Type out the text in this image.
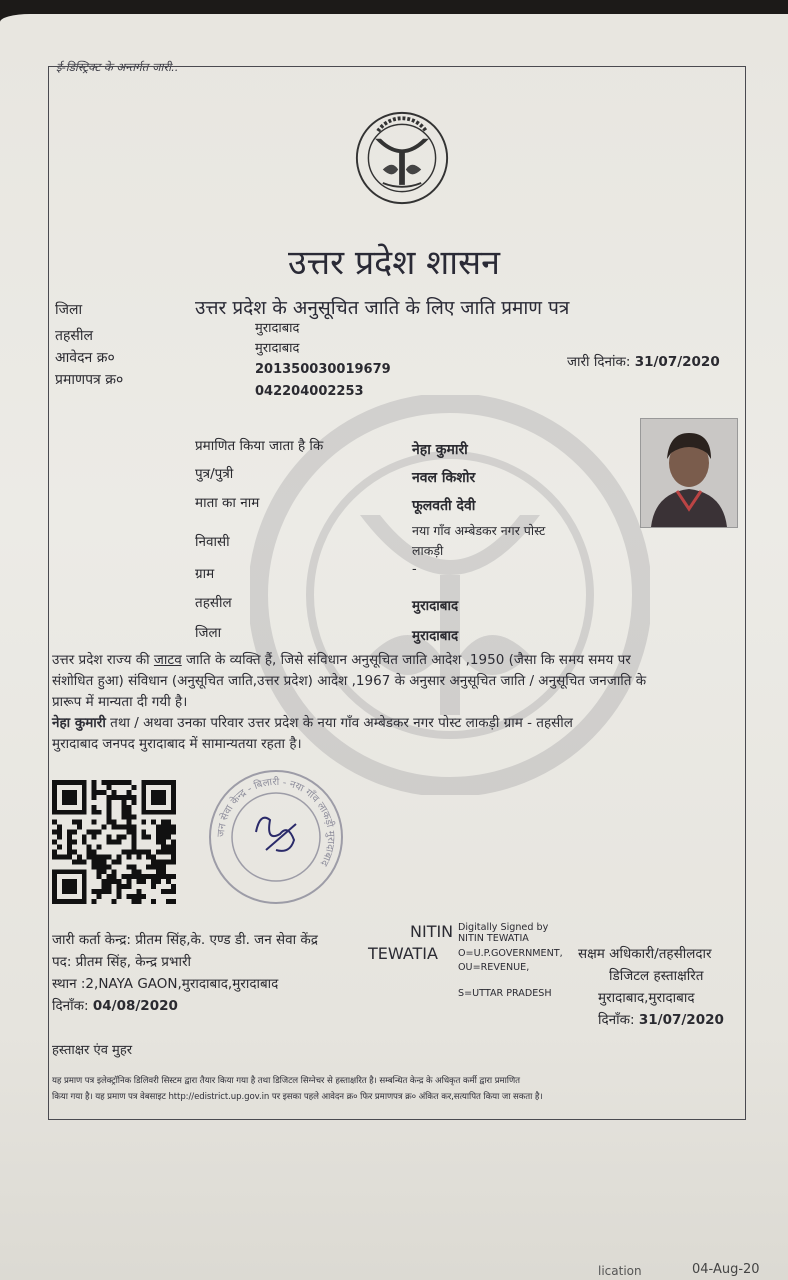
ई-डिस्ट्रिक्ट के अन्तर्गत जारी..
उत्तर प्रदेश शासन
उत्तर प्रदेश के अनुसूचित जाति के लिए जाति प्रमाण पत्र
जिला
मुरादाबाद
तहसील
मुरादाबाद
आवेदन क्र०
201350030019679
प्रमाणपत्र क्र०
042204002253
जारी दिनांक: 31/07/2020
प्रमाणित किया जाता है कि	नेहा कुमारी
पुत्र/पुत्री	नवल किशोर
माता का नाम	फूलवती देवी
निवासी
नया गाँव अम्बेडकर नगर पोस्ट
लाकड़ी
ग्राम	-
तहसील	मुरादाबाद
जिला	मुरादाबाद
उत्तर प्रदेश राज्य की जाटव जाति के व्यक्ति हैं, जिसे संविधान अनुसूचित जाति आदेश ,1950 (जैसा कि समय समय पर
संशोधित हुआ) संविधान (अनुसूचित जाति,उत्तर प्रदेश) आदेश ,1967 के अनुसार अनुसूचित जाति / अनुसूचित जनजाति के
प्रारूप में मान्यता दी गयी है।
नेहा कुमारी तथा / अथवा उनका परिवार उत्तर प्रदेश के नया गाँव अम्बेडकर नगर पोस्ट लाकड़ी ग्राम - तहसील
मुरादाबाद जनपद मुरादाबाद में सामान्यतया रहता है।
जन सेवा केन्द्र - बिलारी - नया गाँव लाकड़ी मुरादाबाद
जारी कर्ता केन्द्र: प्रीतम सिंह,के. एण्ड डी. जन सेवा केंद्र
पद: प्रीतम सिंह, केन्द्र प्रभारी
स्थान :2,NAYA GAON,मुरादाबाद,मुरादाबाद
दिनाँक: 04/08/2020
NITIN
TEWATIA
Digitally Signed by
NITIN TEWATIA
O=U.P.GOVERNMENT,
OU=REVENUE,
S=UTTAR PRADESH
सक्षम अधिकारी/तहसीलदार
डिजिटल हस्ताक्षरित
मुरादाबाद,मुरादाबाद
दिनाँक: 31/07/2020
हस्ताक्षर एंव मुहर
यह प्रमाण पत्र इलेक्ट्रॉनिक डिलिवरी सिस्टम द्वारा तैयार किया गया है तथा डिजिटल सिग्नेचर से हस्ताक्षरित है। सम्बन्धित केन्द्र के अधिकृत कर्मी द्वारा प्रमाणित
किया गया है। यह प्रमाण पत्र वेबसाइट http://edistrict.up.gov.in पर इसका पहले आवेदन क्र० फिर प्रमाणपत्र क्र० अंकित कर,सत्यापित किया जा सकता है।
lication	04-Aug-20
